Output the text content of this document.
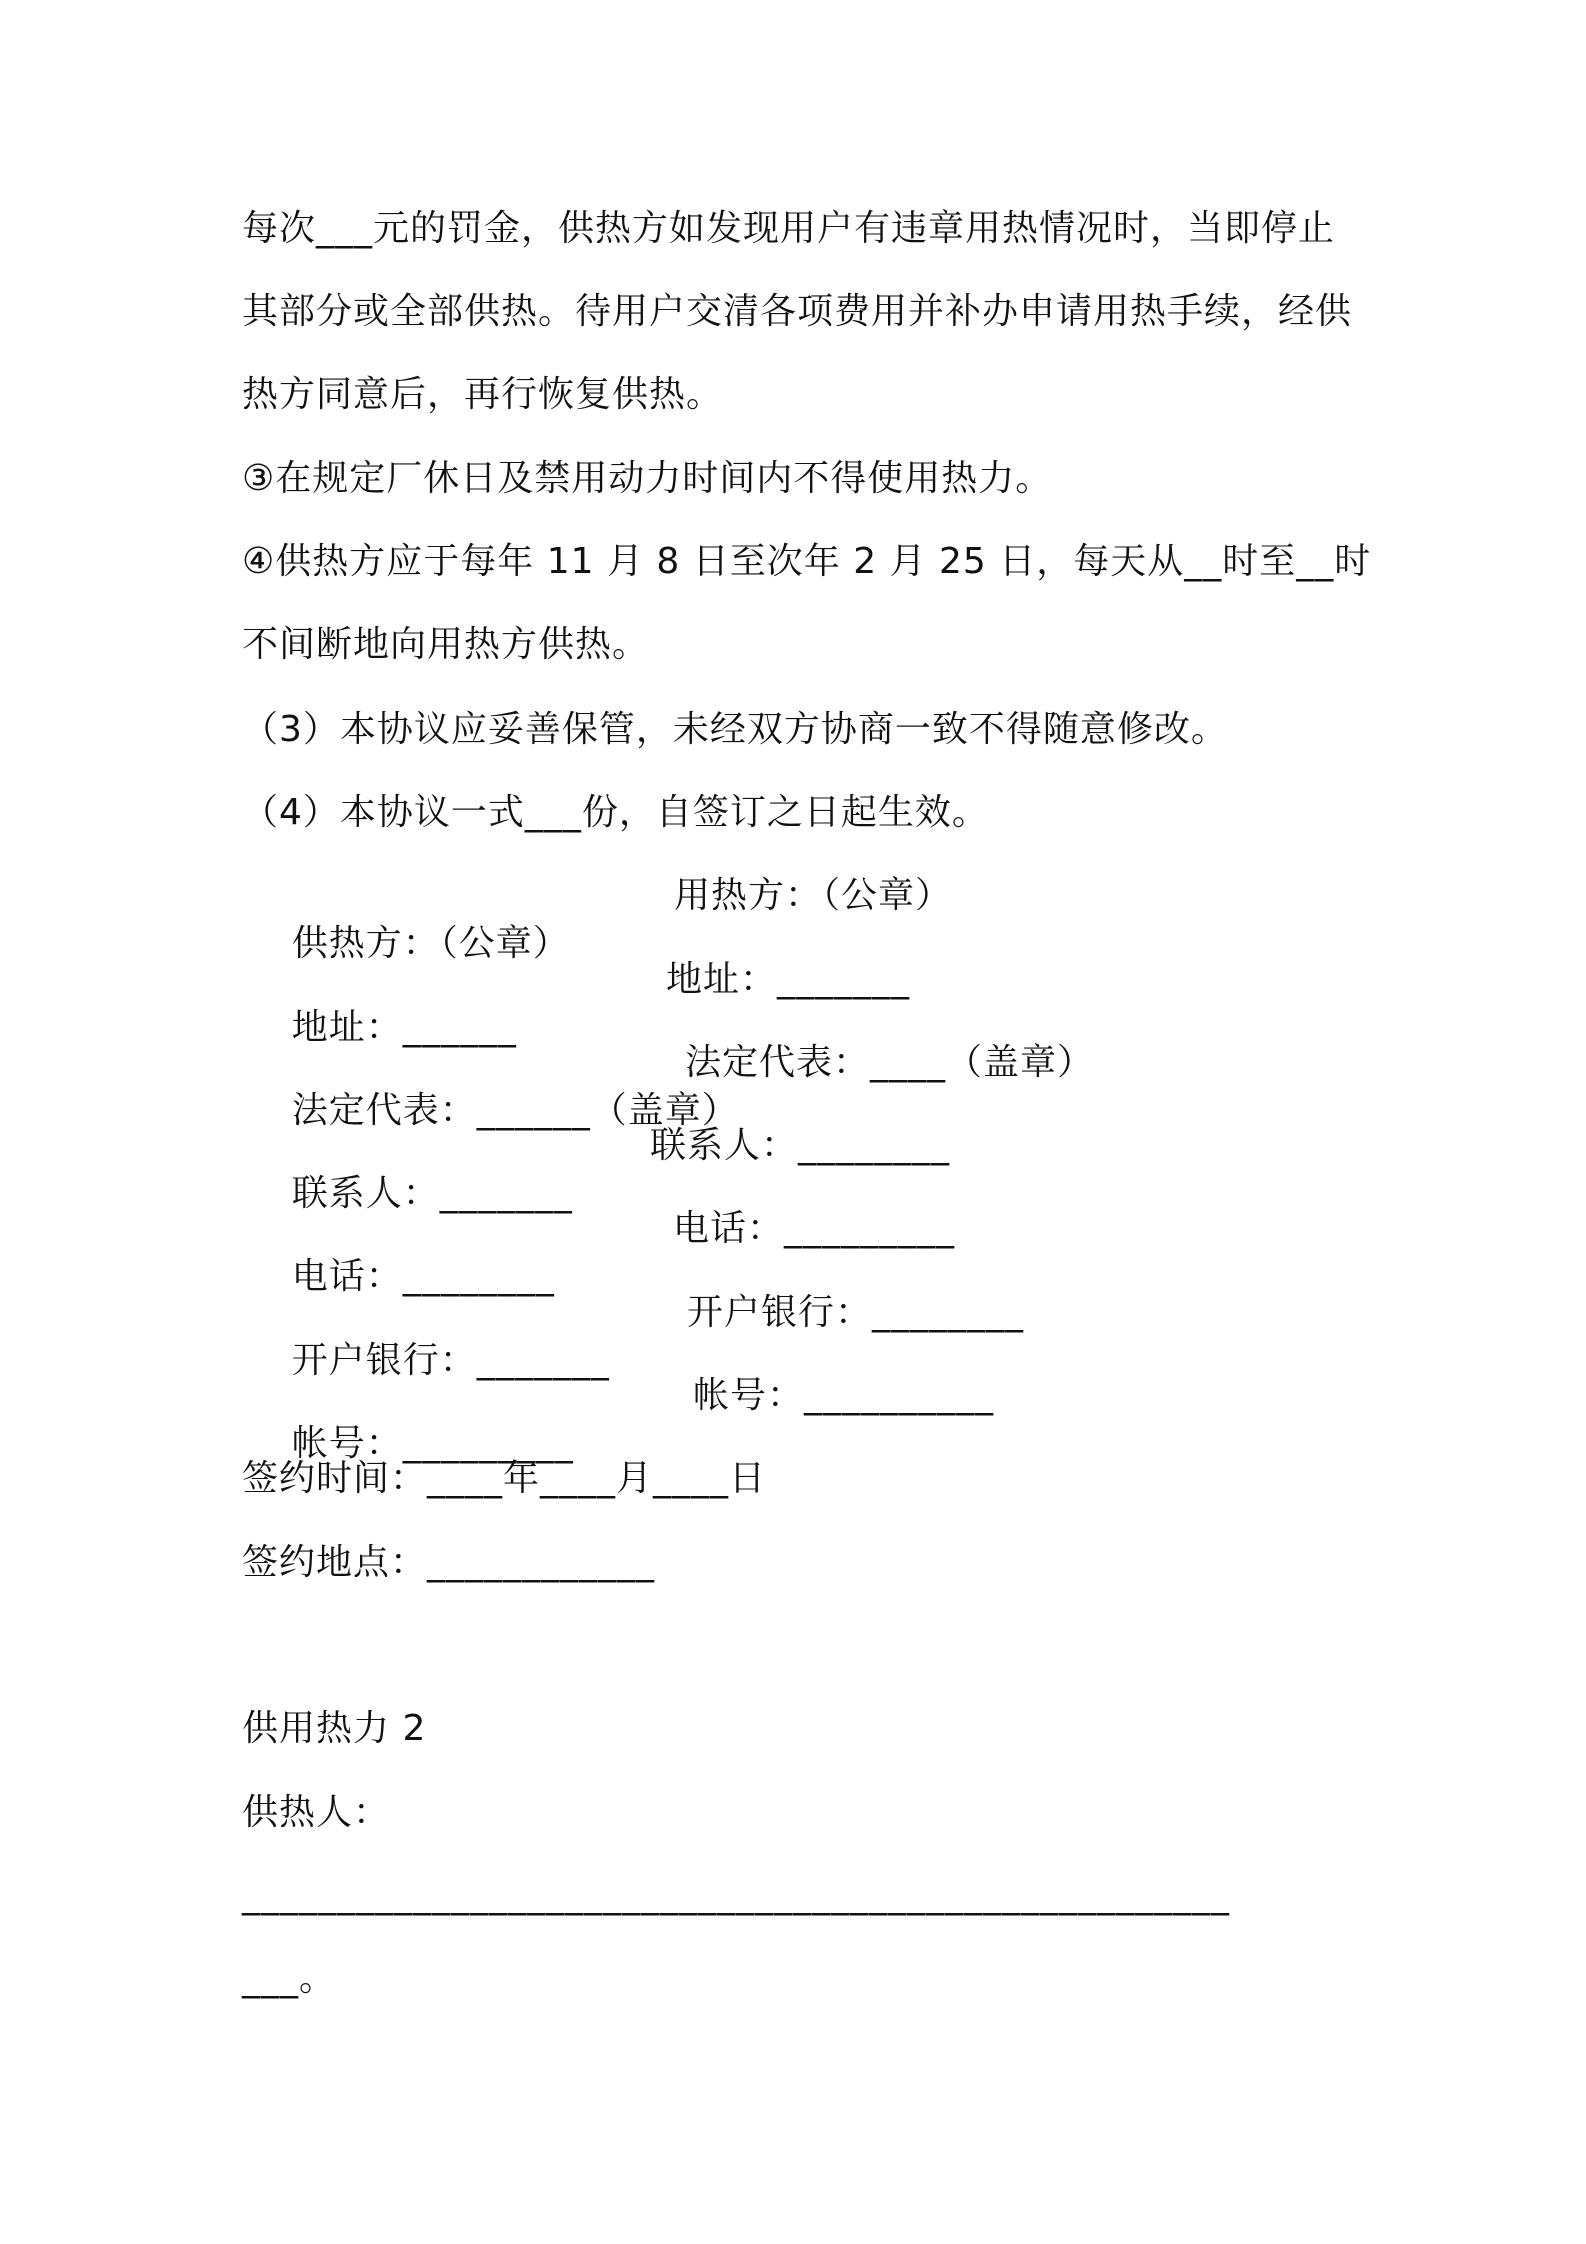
每次___元的罚金，供热方如发现用户有违章用热情况时，当即停止
其部分或全部供热。待用户交清各项费用并补办申请用热手续，经供
热方同意后，再行恢复供热。
③在规定厂休日及禁用动力时间内不得使用热力。
④供热方应于每年 11 月 8 日至次年 2 月 25 日，每天从__时至__时
不间断地向用热方供热。
（3）本协议应妥善保管，未经双方协商一致不得随意修改。
（4）本协议一式___份，自签订之日起生效。

供热方：（公章）

用热方：（公章）

地址：______

地址：_______

法定代表：______（盖章）

法定代表：____（盖章）

联系人：_______

联系人：________

电话：________

电话：_________

开户银行：_______

开户银行：________

帐号：_________

帐号：__________

签约时间：____年____月____日
签约地点：____________
供用热力 2
供热人：
____________________________________________________
___。
